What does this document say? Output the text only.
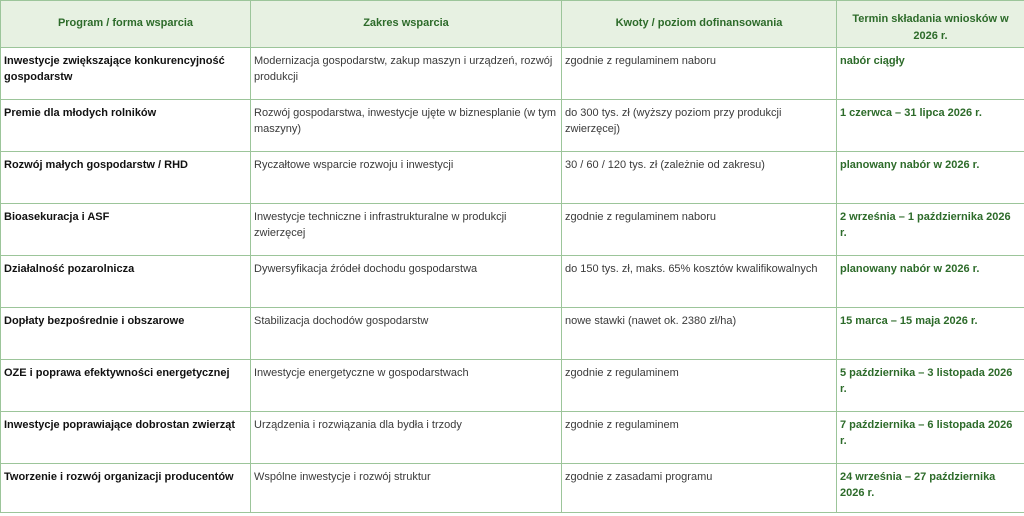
Program / forma wsparcia	Zakres wsparcia	Kwoty / poziom dofinansowania	Termin składania wniosków w 2026 r.
Inwestycje zwiększające konkurencyjność gospodarstw	Modernizacja gospodarstw, zakup maszyn i urządzeń, rozwój produkcji	zgodnie z regulaminem naboru	nabór ciągły
Premie dla młodych rolników	Rozwój gospodarstwa, inwestycje ujęte w biznesplanie (w tym maszyny)	do 300 tys. zł (wyższy poziom przy produkcji zwierzęcej)	1 czerwca – 31 lipca 2026 r.
Rozwój małych gospodarstw / RHD	Ryczałtowe wsparcie rozwoju i inwestycji	30 / 60 / 120 tys. zł (zależnie od zakresu)	planowany nabór w 2026 r.
Bioasekuracja i ASF	Inwestycje techniczne i infrastrukturalne w produkcji zwierzęcej	zgodnie z regulaminem naboru	2 września – 1 października 2026 r.
Działalność pozarolnicza	Dywersyfikacja źródeł dochodu gospodarstwa	do 150 tys. zł, maks. 65% kosztów kwalifikowalnych	planowany nabór w 2026 r.
Dopłaty bezpośrednie i obszarowe	Stabilizacja dochodów gospodarstw	nowe stawki (nawet ok. 2380 zł/ha)	15 marca – 15 maja 2026 r.
OZE i poprawa efektywności energetycznej	Inwestycje energetyczne w gospodarstwach	zgodnie z regulaminem	5 października – 3 listopada 2026 r.
Inwestycje poprawiające dobrostan zwierząt	Urządzenia i rozwiązania dla bydła i trzody	zgodnie z regulaminem	7 października – 6 listopada 2026 r.
Tworzenie i rozwój organizacji producentów	Wspólne inwestycje i rozwój struktur	zgodnie z zasadami programu	24 września – 27 października 2026 r.
